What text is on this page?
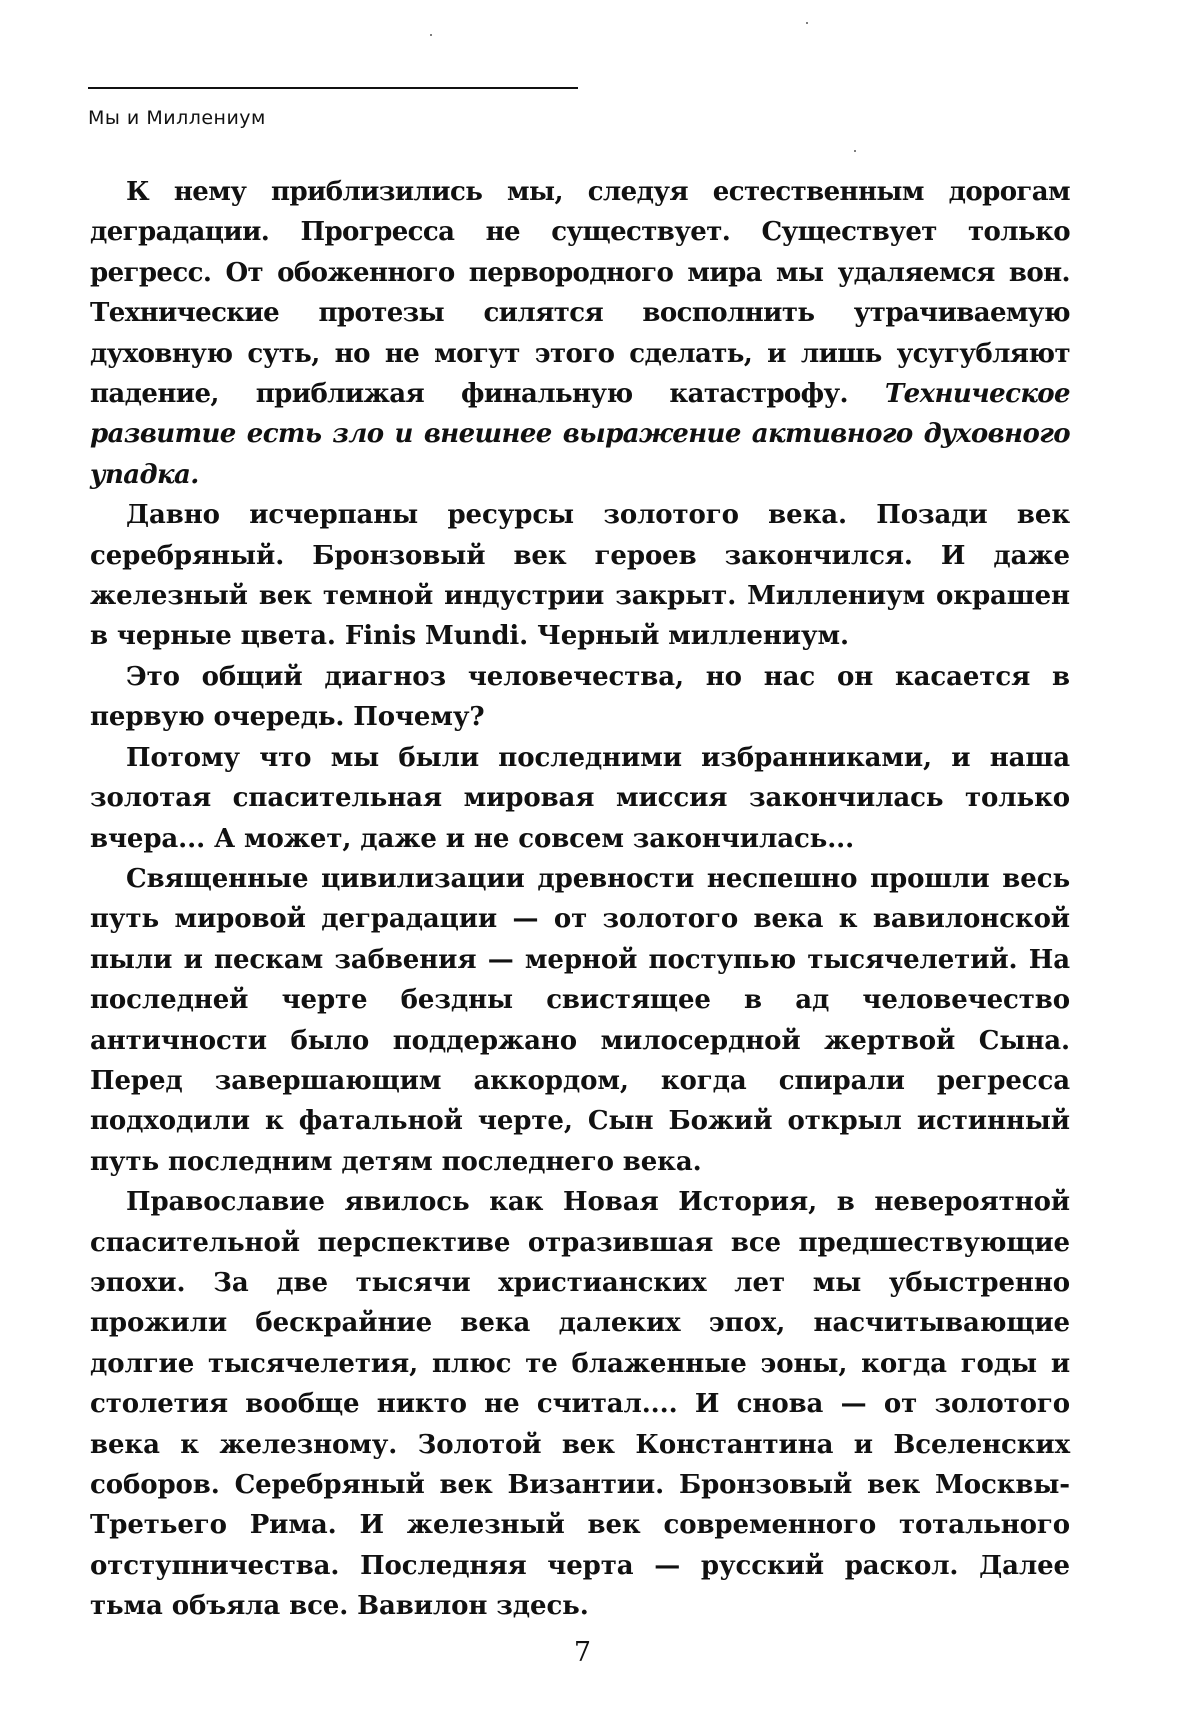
Мы и Миллениум

К нему приблизились мы, следуя естественным дорогам деградации. Прогресса не существует. Существует только регресс. От обоженного первородного мира мы удаляемся вон. Технические протезы силятся восполнить утрачиваемую духовную суть, но не могут этого сделать, и лишь усугубляют падение, приближая финальную катастрофу. Техническое развитие есть зло и внешнее выражение активного духовного упадка.

Давно исчерпаны ресурсы золотого века. Позади век серебряный. Бронзовый век героев закончился. И даже железный век темной индустрии закрыт. Миллениум окрашен в черные цвета. Finis Mundi. Черный миллениум.

Это общий диагноз человечества, но нас он касается в первую очередь. Почему?

Потому что мы были последними избранниками, и наша золотая спасительная мировая миссия закончилась только вчера... А может, даже и не совсем закончилась...

Священные цивилизации древности неспешно прошли весь путь мировой деградации — от золотого века к вавилонской пыли и пескам забвения — мерной поступью тысячелетий. На последней черте бездны свистящее в ад человечество античности было поддержано милосердной жертвой Сына. Перед завершающим аккордом, когда спирали регресса подходили к фатальной черте, Сын Божий открыл истинный путь последним детям последнего века.

Православие явилось как Новая История, в невероятной спасительной перспективе отразившая все предшествующие эпохи. За две тысячи христианских лет мы убыстренно прожили бескрайние века далеких эпох, насчитывающие долгие тысячелетия, плюс те блаженные эоны, когда годы и столетия вообще никто не считал.... И снова — от золотого века к железному. Золотой век Константина и Вселенских соборов. Серебряный век Византии. Бронзовый век Москвы-Третьего Рима. И железный век современного тотального отступничества. Последняя черта — русский раскол. Далее тьма объяла все. Вавилон здесь.

7
